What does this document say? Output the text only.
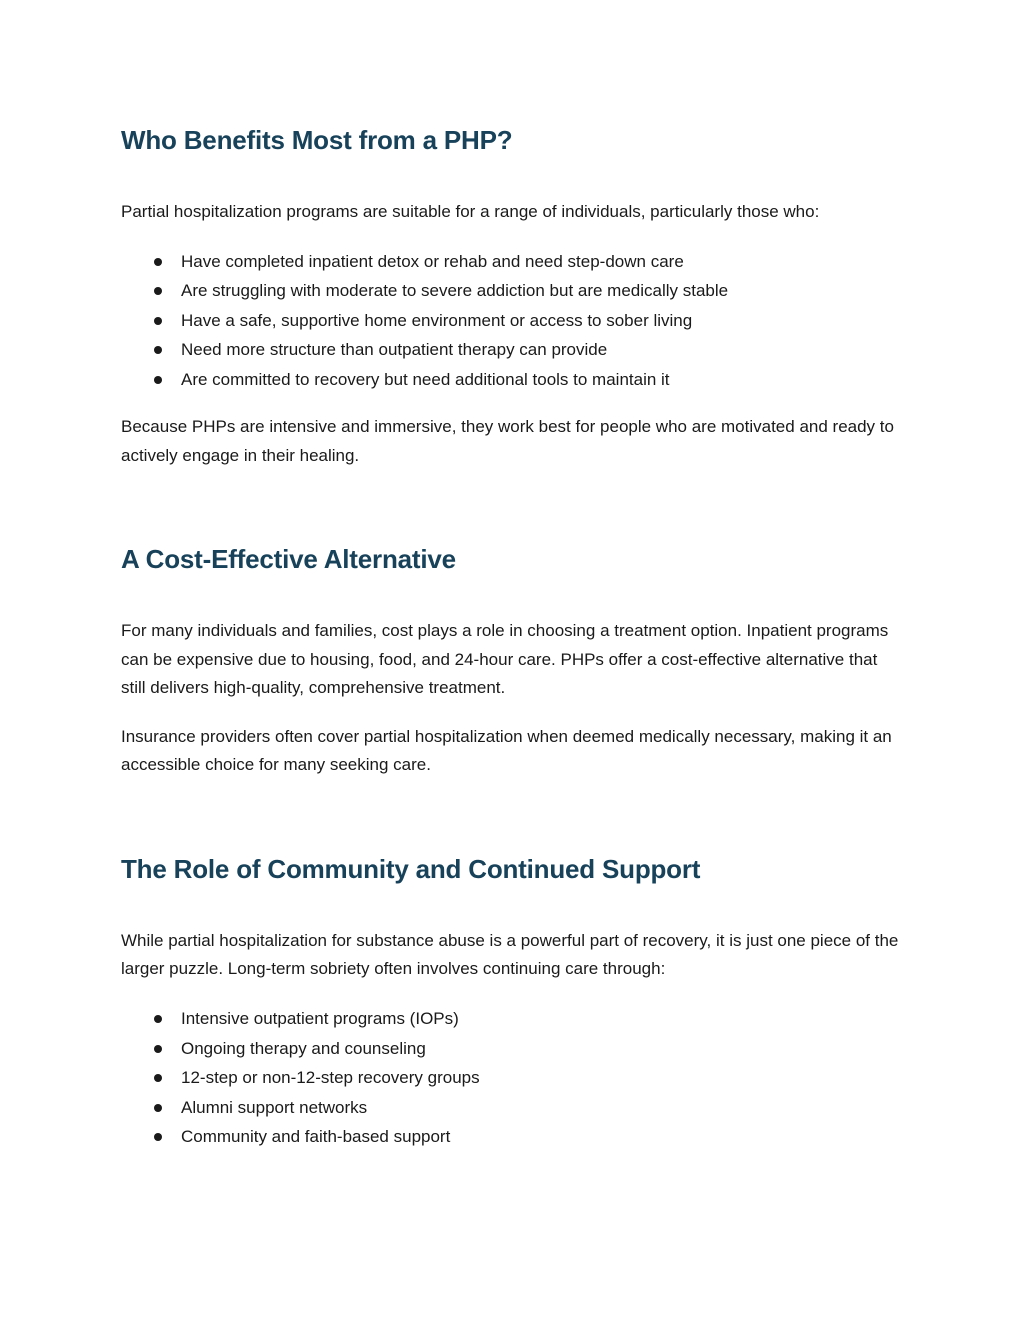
Who Benefits Most from a PHP?

Partial hospitalization programs are suitable for a range of individuals, particularly those who:

Have completed inpatient detox or rehab and need step-down care
Are struggling with moderate to severe addiction but are medically stable
Have a safe, supportive home environment or access to sober living
Need more structure than outpatient therapy can provide
Are committed to recovery but need additional tools to maintain it

Because PHPs are intensive and immersive, they work best for people who are motivated and ready to actively engage in their healing.

A Cost-Effective Alternative

For many individuals and families, cost plays a role in choosing a treatment option. Inpatient programs can be expensive due to housing, food, and 24-hour care. PHPs offer a cost-effective alternative that still delivers high-quality, comprehensive treatment.

Insurance providers often cover partial hospitalization when deemed medically necessary, making it an accessible choice for many seeking care.

The Role of Community and Continued Support

While partial hospitalization for substance abuse is a powerful part of recovery, it is just one piece of the larger puzzle. Long-term sobriety often involves continuing care through:

Intensive outpatient programs (IOPs)
Ongoing therapy and counseling
12-step or non-12-step recovery groups
Alumni support networks
Community and faith-based support
